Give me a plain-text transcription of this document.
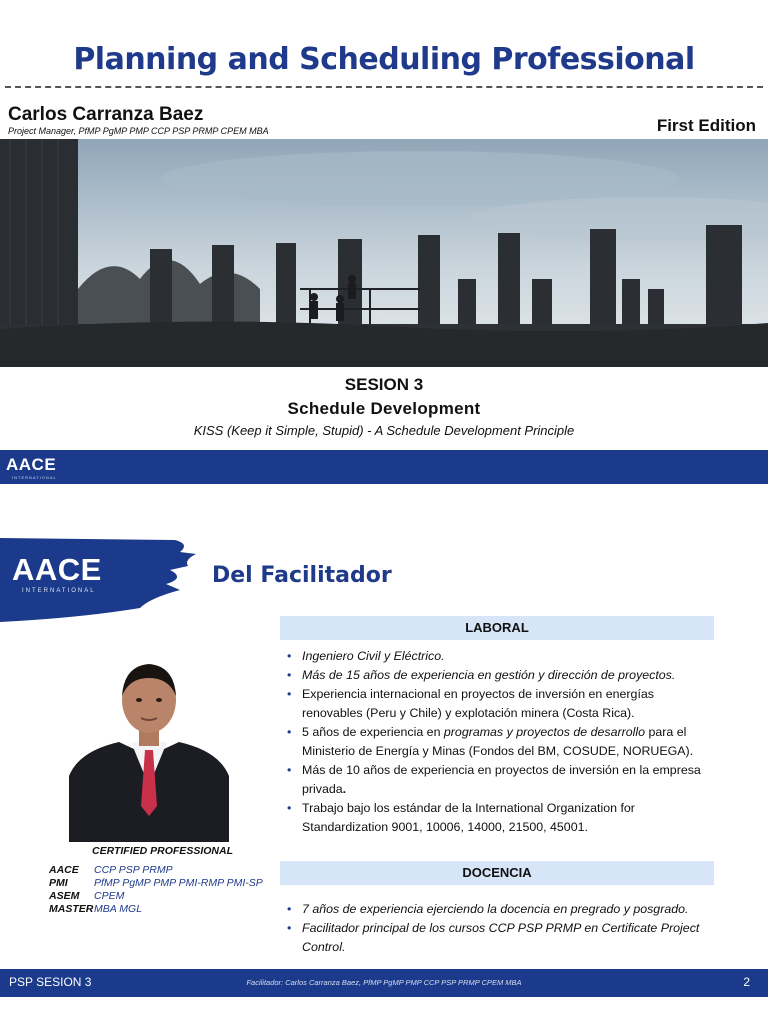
Planning and Scheduling Professional
Carlos Carranza Baez
Project Manager, PfMP PgMP PMP CCP PSP PRMP CPEM MBA	First Edition
SESION 3
Schedule Development
KISS (Keep it Simple, Stupid) - A Schedule Development Principle
AACE
INTERNATIONAL
AACE
INTERNATIONAL
Del Facilitador
LABORAL
• Ingeniero Civil y Eléctrico.
• Más de 15 años de experiencia en gestión y dirección de proyectos.
• Experiencia internacional en proyectos de inversión en energías renovables (Peru y Chile) y explotación minera (Costa Rica).
• 5 años de experiencia en programas y proyectos de desarrollo para el Ministerio de Energía y Minas (Fondos del BM, COSUDE, NORUEGA).
• Más de 10 años de experiencia en proyectos de inversión en la empresa privada.
• Trabajo bajo los estándar de la International Organization for Standardization 9001, 10006, 14000, 21500, 45001.
CERTIFIED PROFESSIONAL
AACE	CCP PSP PRMP
PMI	PfMP PgMP PMP PMI-RMP PMI-SP
ASEM	CPEM
MASTER MBA MGL
DOCENCIA
• 7 años de experiencia ejerciendo la docencia en pregrado y posgrado.
• Facilitador principal de los cursos CCP PSP PRMP en Certificate Project Control.
PSP SESION 3	Facilitador: Carlos Carranza Baez, PfMP PgMP PMP CCP PSP PRMP CPEM MBA	2
